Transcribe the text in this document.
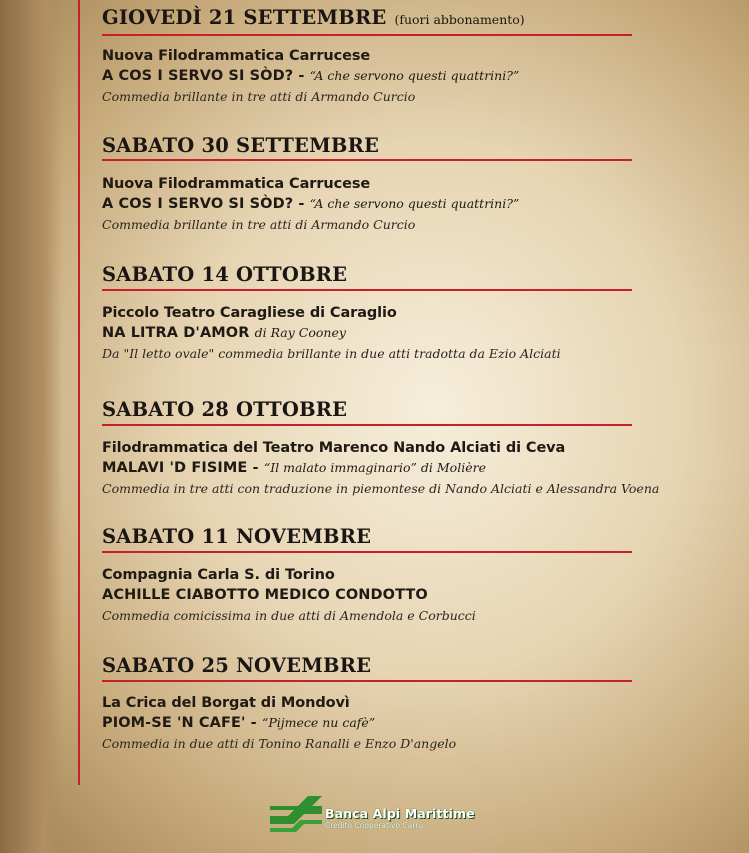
GIOVEDÌ 21 SETTEMBRE (fuori abbonamento)
Nuova Filodrammatica Carrucese
A COS I SERVO SI SÒD? - “A che servono questi quattrini?”
Commedia brillante in tre atti di Armando Curcio
SABATO 30 SETTEMBRE
Nuova Filodrammatica Carrucese
A COS I SERVO SI SÒD? - “A che servono questi quattrini?”
Commedia brillante in tre atti di Armando Curcio
SABATO 14 OTTOBRE
Piccolo Teatro Caragliese di Caraglio
NA LITRA D'AMOR di Ray Cooney
Da "Il letto ovale" commedia brillante in due atti tradotta da Ezio Alciati
SABATO 28 OTTOBRE
Filodrammatica del Teatro Marenco Nando Alciati di Ceva
MALAVI 'D FISIME - “Il malato immaginario” di Molière
Commedia in tre atti con traduzione in piemontese di Nando Alciati e Alessandra Voena
SABATO 11 NOVEMBRE
Compagnia Carla S. di Torino
ACHILLE CIABOTTO MEDICO CONDOTTO
Commedia comicissima in due atti di Amendola e Corbucci
SABATO 25 NOVEMBRE
La Crica del Borgat di Mondovì
PIOM-SE 'N CAFE' - “Pijmece nu cafè”
Commedia in due atti di Tonino Ranalli e Enzo D'angelo
Banca Alpi Marittime
Credito Cooperativo Carrù
